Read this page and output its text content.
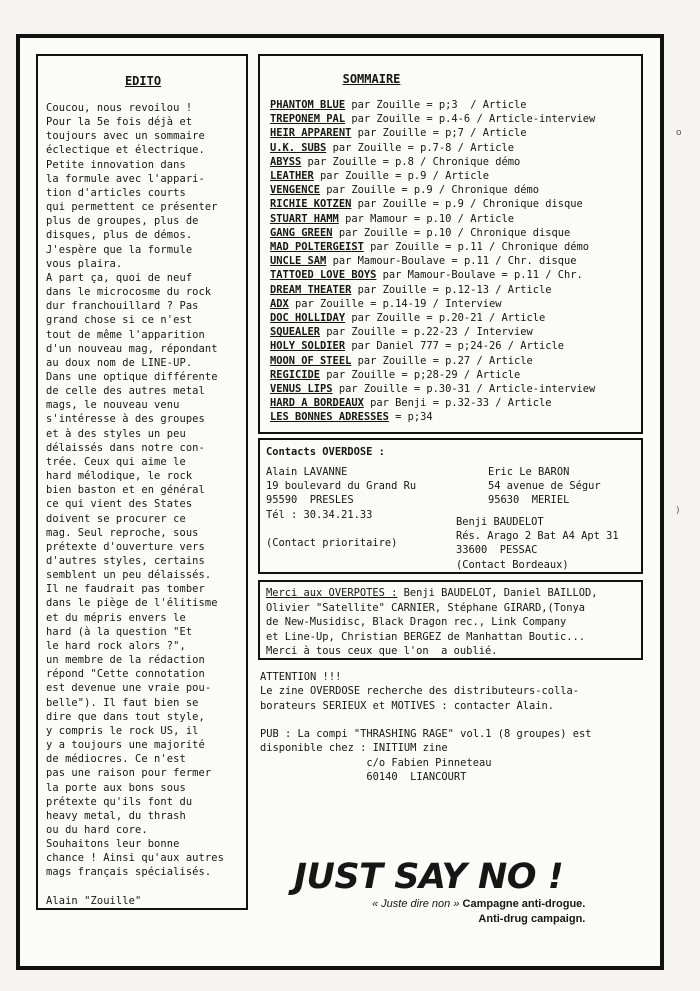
EDITO
Coucou, nous revoilou !
Pour la 5e fois déjà et
toujours avec un sommaire
éclectique et électrique.
Petite innovation dans
la formule avec l'appari-
tion d'articles courts
qui permettent ce présenter
plus de groupes, plus de
disques, plus de démos.
J'espère que la formule
vous plaira.
A part ça, quoi de neuf
dans le microcosme du rock
dur franchouillard ? Pas
grand chose si ce n'est
tout de même l'apparition
d'un nouveau mag, répondant
au doux nom de LINE-UP.
Dans une optique différente
de celle des autres metal
mags, le nouveau venu
s'intéresse à des groupes
et à des styles un peu
délaissés dans notre con-
trée. Ceux qui aime le
hard mélodique, le rock
bien baston et en général
ce qui vient des States
doivent se procurer ce
mag. Seul reproche, sous
prétexte d'ouverture vers
d'autres styles, certains
semblent un peu délaissés.
Il ne faudrait pas tomber
dans le piège de l'élitisme
et du mépris envers le
hard (à la question "Et
le hard rock alors ?",
un membre de la rédaction
répond "Cette connotation
est devenue une vraie pou-
belle"). Il faut bien se
dire que dans tout style,
y compris le rock US, il
y a toujours une majorité
de médiocres. Ce n'est
pas une raison pour fermer
la porte aux bons sous
prétexte qu'ils font du
heavy metal, du thrash
ou du hard core.
Souhaitons leur bonne
chance ! Ainsi qu'aux autres
mags français spécialisés.
Alain "Zouille"
SOMMAIRE
PHANTOM BLUE par Zouille = p;3  / Article
TREPONEM PAL par Zouille = p.4-6 / Article-interview
HEIR APPARENT par Zouille = p;7 / Article
U.K. SUBS par Zouille = p.7-8 / Article
ABYSS par Zouille = p.8 / Chronique démo
LEATHER par Zouille = p.9 / Article
VENGENCE par Zouille = p.9 / Chronique démo
RICHIE KOTZEN par Zouille = p.9 / Chronique disque
STUART HAMM par Mamour = p.10 / Article
GANG GREEN par Zouille = p.10 / Chronique disque
MAD POLTERGEIST par Zouille = p.11 / Chronique démo
UNCLE SAM par Mamour-Boulave = p.11 / Chr. disque
TATTOED LOVE BOYS par Mamour-Boulave = p.11 / Chr.
DREAM THEATER par Zouille = p.12-13 / Article
ADX par Zouille = p.14-19 / Interview
DOC HOLLIDAY par Zouille = p.20-21 / Article
SQUEALER par Zouille = p.22-23 / Interview
HOLY SOLDIER par Daniel 777 = p;24-26 / Article
MOON OF STEEL par Zouille = p.27 / Article
REGICIDE par Zouille = p;28-29 / Article
VENUS LIPS par Zouille = p.30-31 / Article-interview
HARD A BORDEAUX par Benji = p.32-33 / Article
LES BONNES ADRESSES = p;34
Contacts OVERDOSE :
Alain LAVANNE
19 boulevard du Grand Ru
95590  PRESLES
Tél : 30.34.21.33

(Contact prioritaire)
Eric Le BARON
54 avenue de Ségur
95630  MERIEL
Benji BAUDELOT
Rés. Arago 2 Bat A4 Apt 31
33600  PESSAC
(Contact Bordeaux)
Merci aux OVERPOTES : Benji BAUDELOT, Daniel BAILLOD,
Olivier "Satellite" CARNIER, Stéphane GIRARD,(Tonya
de New-Musidisc, Black Dragon rec., Link Company
et Line-Up, Christian BERGEZ de Manhattan Boutic...
Merci à tous ceux que l'on  a oublié.
ATTENTION !!!
Le zine OVERDOSE recherche des distributeurs-colla-
borateurs SERIEUX et MOTIVES : contacter Alain.
PUB : La compi "THRASHING RAGE" vol.1 (8 groupes) est
disponible chez : INITIUM zine
c/o Fabien Pinneteau
60140  LIANCOURT
JUST SAY NO !
« Juste dire non » Campagne anti-drogue.
Anti-drug campaign.
o
)
